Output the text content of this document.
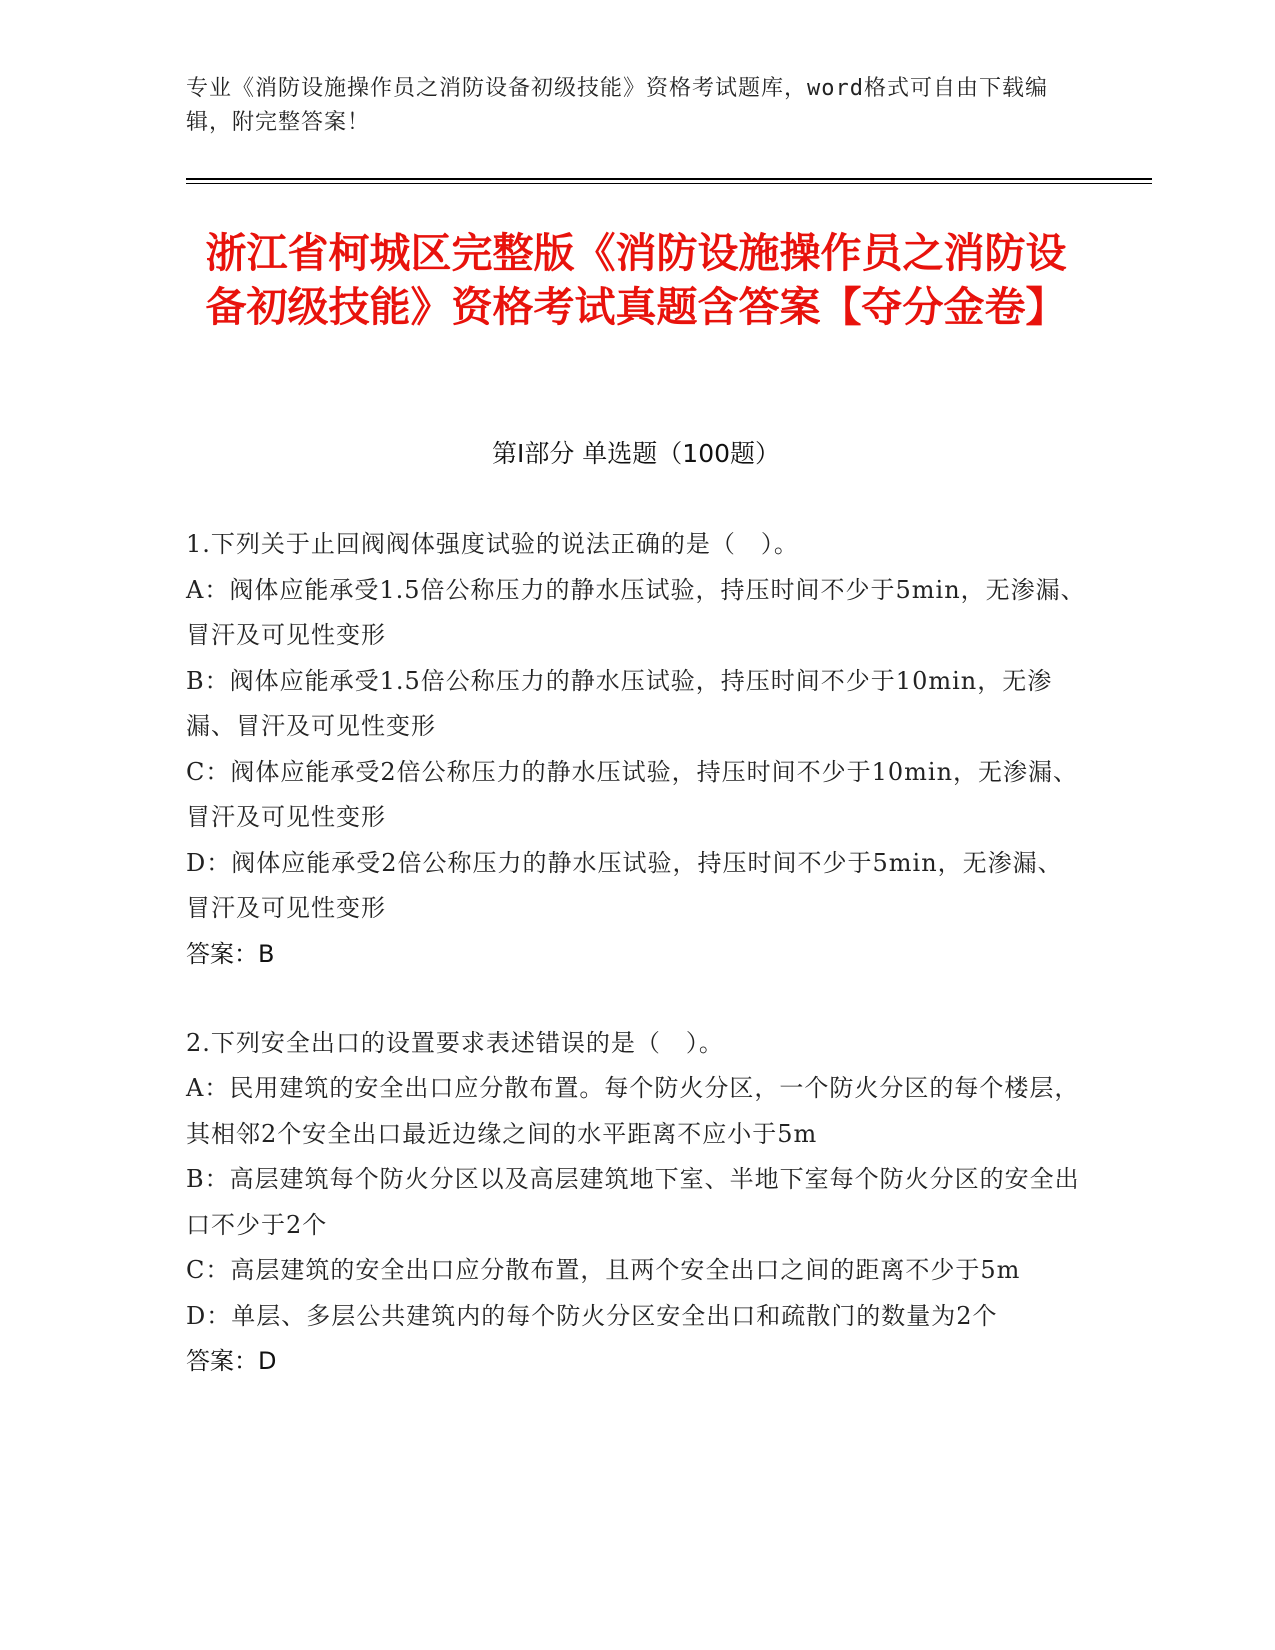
专业《消防设施操作员之消防设备初级技能》资格考试题库，word格式可自由下载编辑，附完整答案！
浙江省柯城区完整版《消防设施操作员之消防设备初级技能》资格考试真题含答案【夺分金卷】
第I部分 单选题（100题）
1.下列关于止回阀阀体强度试验的说法正确的是（　）。
A：阀体应能承受1.5倍公称压力的静水压试验，持压时间不少于5min，无渗漏、冒汗及可见性变形
B：阀体应能承受1.5倍公称压力的静水压试验，持压时间不少于10min，无渗漏、冒汗及可见性变形
C：阀体应能承受2倍公称压力的静水压试验，持压时间不少于10min，无渗漏、冒汗及可见性变形
D：阀体应能承受2倍公称压力的静水压试验，持压时间不少于5min，无渗漏、冒汗及可见性变形
答案：B
2.下列安全出口的设置要求表述错误的是（　）。
A：民用建筑的安全出口应分散布置。每个防火分区，一个防火分区的每个楼层，其相邻2个安全出口最近边缘之间的水平距离不应小于5m
B：高层建筑每个防火分区以及高层建筑地下室、半地下室每个防火分区的安全出口不少于2个
C：高层建筑的安全出口应分散布置，且两个安全出口之间的距离不少于5m
D：单层、多层公共建筑内的每个防火分区安全出口和疏散门的数量为2个
答案：D
